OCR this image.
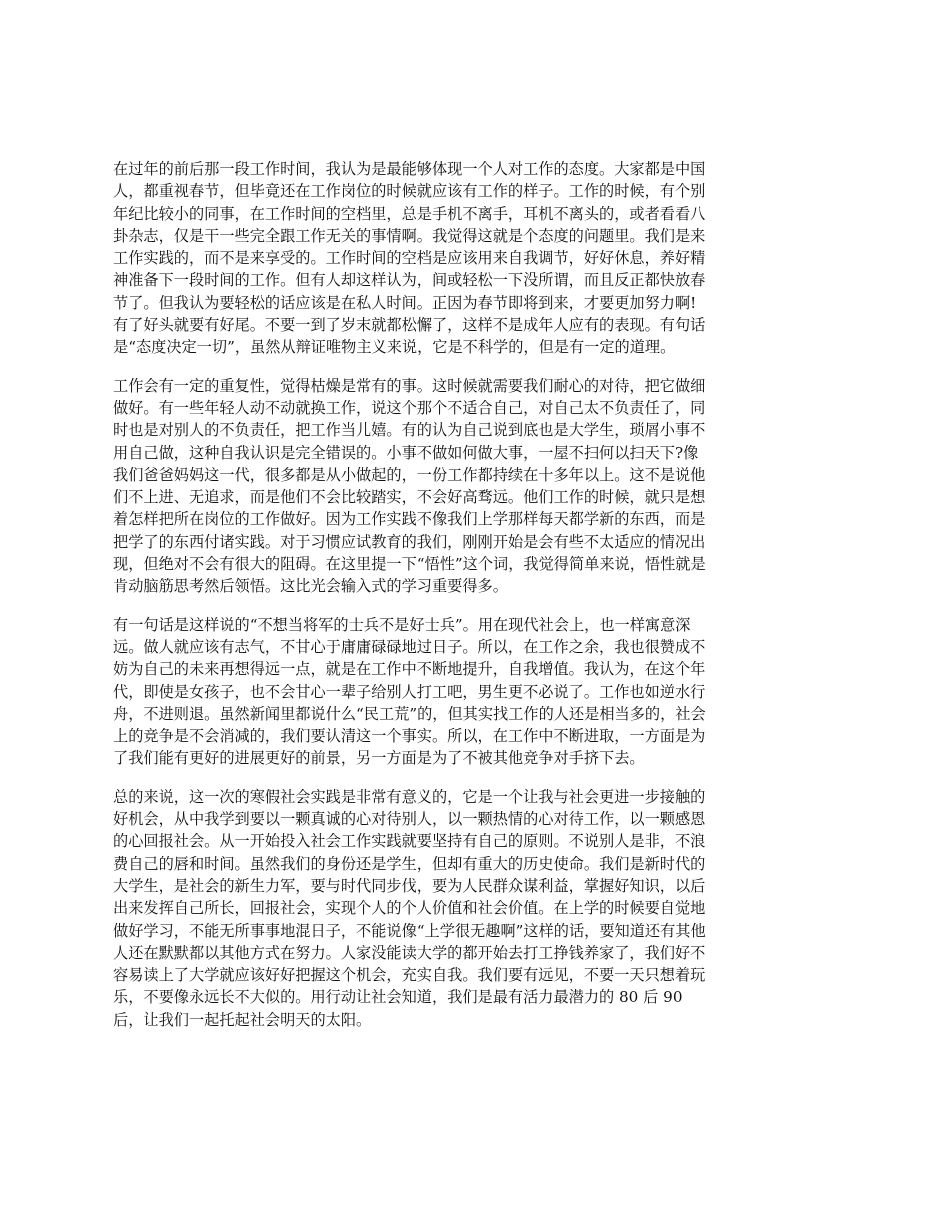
在过年的前后那一段工作时间，我认为是最能够体现一个人对工作的态度。大家都是中国
人，都重视春节，但毕竟还在工作岗位的时候就应该有工作的样子。工作的时候，有个别
年纪比较小的同事，在工作时间的空档里，总是手机不离手，耳机不离头的，或者看看八
卦杂志，仅是干一些完全跟工作无关的事情啊。我觉得这就是个态度的问题里。我们是来
工作实践的，而不是来享受的。工作时间的空档是应该用来自我调节，好好休息，养好精
神准备下一段时间的工作。但有人却这样认为，间或轻松一下没所谓，而且反正都快放春
节了。但我认为要轻松的话应该是在私人时间。正因为春节即将到来，才要更加努力啊!
有了好头就要有好尾。不要一到了岁末就都松懈了，这样不是成年人应有的表现。有句话
是“态度决定一切”，虽然从辩证唯物主义来说，它是不科学的，但是有一定的道理。

工作会有一定的重复性，觉得枯燥是常有的事。这时候就需要我们耐心的对待，把它做细
做好。有一些年轻人动不动就换工作，说这个那个不适合自己，对自己太不负责任了，同
时也是对别人的不负责任，把工作当儿嬉。有的认为自己说到底也是大学生，琐屑小事不
用自己做，这种自我认识是完全错误的。小事不做如何做大事，一屋不扫何以扫天下?像
我们爸爸妈妈这一代，很多都是从小做起的，一份工作都持续在十多年以上。这不是说他
们不上进、无追求，而是他们不会比较踏实，不会好高骛远。他们工作的时候，就只是想
着怎样把所在岗位的工作做好。因为工作实践不像我们上学那样每天都学新的东西，而是
把学了的东西付诸实践。对于习惯应试教育的我们，刚刚开始是会有些不太适应的情况出
现，但绝对不会有很大的阻碍。在这里提一下“悟性”这个词，我觉得简单来说，悟性就是
肯动脑筋思考然后领悟。这比光会输入式的学习重要得多。

有一句话是这样说的“不想当将军的士兵不是好士兵”。用在现代社会上，也一样寓意深
远。做人就应该有志气，不甘心于庸庸碌碌地过日子。所以，在工作之余，我也很赞成不
妨为自己的未来再想得远一点，就是在工作中不断地提升，自我增值。我认为，在这个年
代，即使是女孩子，也不会甘心一辈子给别人打工吧，男生更不必说了。工作也如逆水行
舟，不进则退。虽然新闻里都说什么“民工荒”的，但其实找工作的人还是相当多的，社会
上的竞争是不会消减的，我们要认清这一个事实。所以，在工作中不断进取，一方面是为
了我们能有更好的进展更好的前景，另一方面是为了不被其他竞争对手挤下去。

总的来说，这一次的寒假社会实践是非常有意义的，它是一个让我与社会更进一步接触的
好机会，从中我学到要以一颗真诚的心对待别人，以一颗热情的心对待工作，以一颗感恩
的心回报社会。从一开始投入社会工作实践就要坚持有自己的原则。不说别人是非，不浪
费自己的唇和时间。虽然我们的身份还是学生，但却有重大的历史使命。我们是新时代的
大学生，是社会的新生力军，要与时代同步伐，要为人民群众谋利益，掌握好知识，以后
出来发挥自己所长，回报社会，实现个人的个人价值和社会价值。在上学的时候要自觉地
做好学习，不能无所事事地混日子，不能说像“上学很无趣啊”这样的话，要知道还有其他
人还在默默都以其他方式在努力。人家没能读大学的都开始去打工挣钱养家了，我们好不
容易读上了大学就应该好好把握这个机会，充实自我。我们要有远见，不要一天只想着玩
乐，不要像永远长不大似的。用行动让社会知道，我们是最有活力最潜力的 80 后 90
后，让我们一起托起社会明天的太阳。
